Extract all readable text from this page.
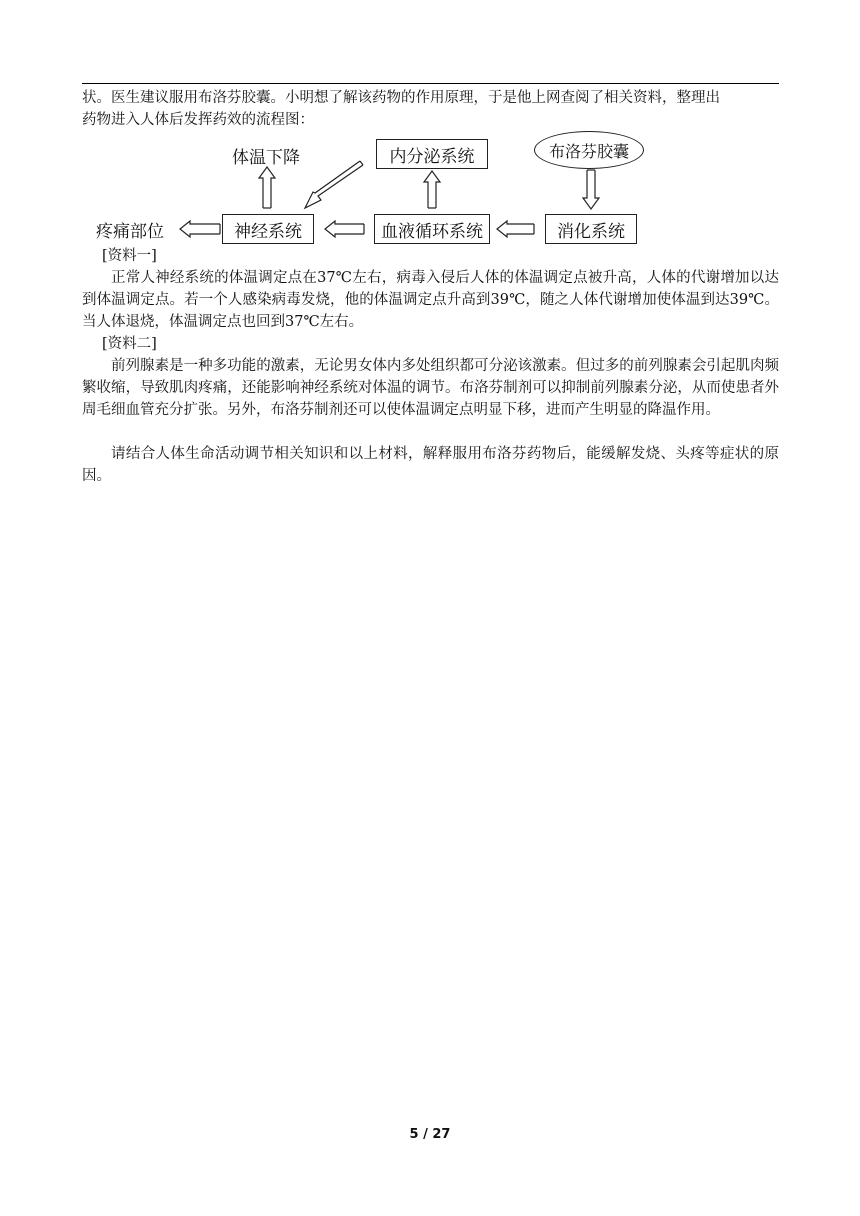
状。医生建议服用布洛芬胶囊。小明想了解该药物的作用原理，于是他上网查阅了相关资料，整理出

药物进入人体后发挥药效的流程图：

体温下降	内分泌系统	布洛芬胶囊
疼痛部位	神经系统	血液循环系统	消化系统
[资料一]

正常人神经系统的体温调定点在37℃左右，病毒入侵后人体的体温调定点被升高，人体的代谢增加以达到体温调定点。若一个人感染病毒发烧，他的体温调定点升高到39℃，随之人体代谢增加使体温到达39℃。当人体退烧，体温调定点也回到37℃左右。

[资料二]

前列腺素是一种多功能的激素，无论男女体内多处组织都可分泌该激素。但过多的前列腺素会引起肌肉频繁收缩，导致肌肉疼痛，还能影响神经系统对体温的调节。布洛芬制剂可以抑制前列腺素分泌，从而使患者外周毛细血管充分扩张。另外，布洛芬制剂还可以使体温调定点明显下移，进而产生明显的降温作用。

请结合人体生命活动调节相关知识和以上材料，解释服用布洛芬药物后，能缓解发烧、头疼等症状的原因。

5 / 27
